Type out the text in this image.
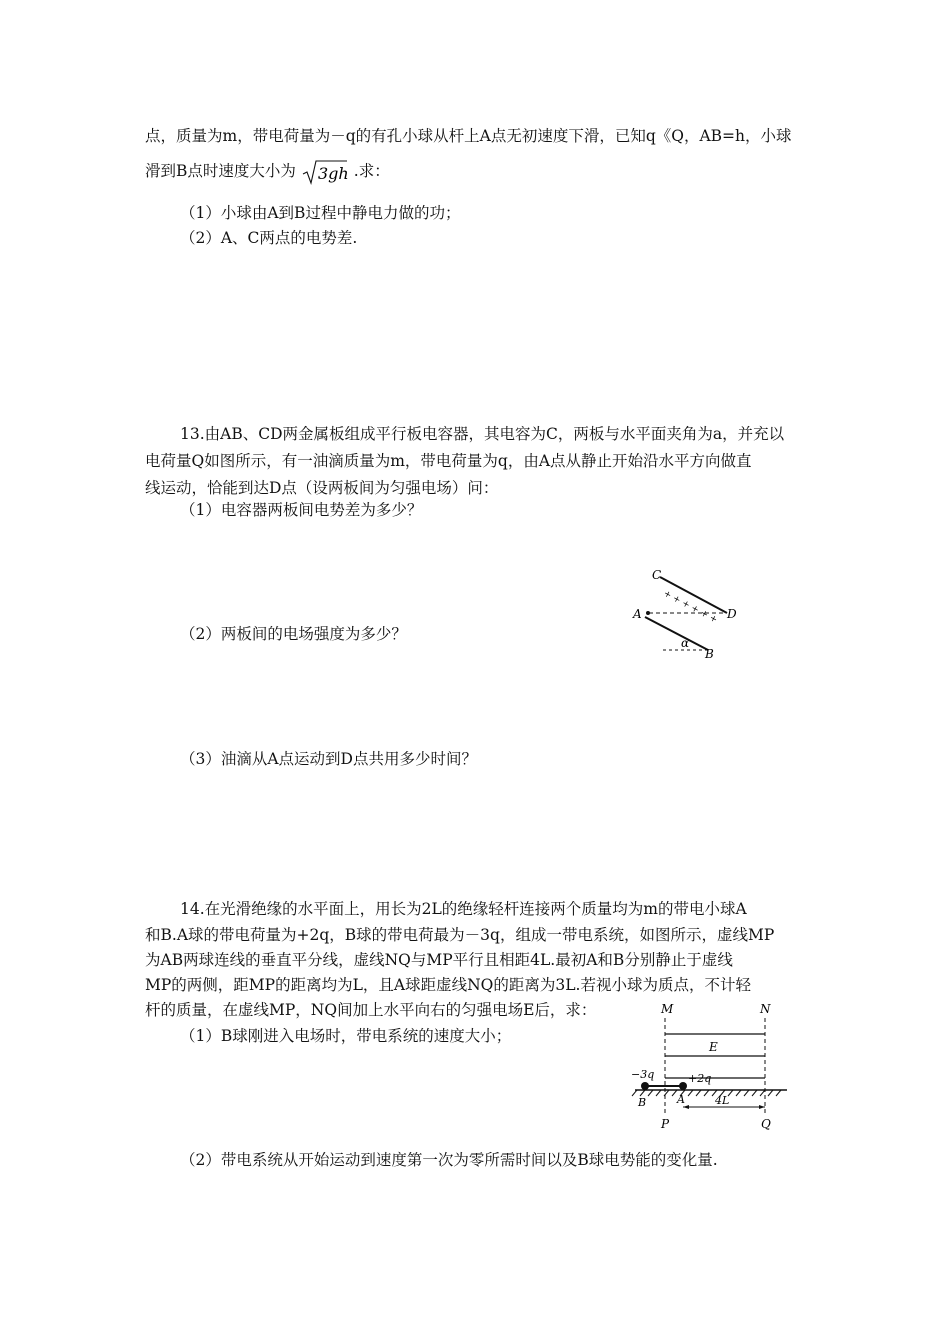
点，质量为m，带电荷量为－q的有孔小球从杆上A点无初速度下滑，已知q《Q，AB=h，小球
滑到B点时速度大小为 3gh .求：
（1）小球由A到B过程中静电力做的功；
（2）A、C两点的电势差.
13.由AB、CD两金属板组成平行板电容器，其电容为C，两板与水平面夹角为a，并充以
电荷量Q如图所示，有一油滴质量为m，带电荷量为q，由A点从静止开始沿水平方向做直
线运动，恰能到达D点（设两板间为匀强电场）问：
（1）电容器两板间电势差为多少？
（2）两板间的电场强度为多少？
（3）油滴从A点运动到D点共用多少时间？
+ + + + + +
C
A	D
B
α
14.在光滑绝缘的水平面上，用长为2L的绝缘轻杆连接两个质量均为m的带电小球A
和B.A球的带电荷量为+2q，B球的带电荷最为－3q，组成一带电系统，如图所示，虚线MP
为AB两球连线的垂直平分线，虚线NQ与MP平行且相距4L.最初A和B分别静止于虚线
MP的两侧，距MP的距离均为L，且A球距虚线NQ的距离为3L.若视小球为质点，不计轻
杆的质量，在虚线MP，NQ间加上水平向右的匀强电场E后，求：
（1）B球刚进入电场时，带电系统的速度大小；
（2）带电系统从开始运动到速度第一次为零所需时间以及B球电势能的变化量.
M	N
E
−3q	+2q
B	A	4L
P	Q
